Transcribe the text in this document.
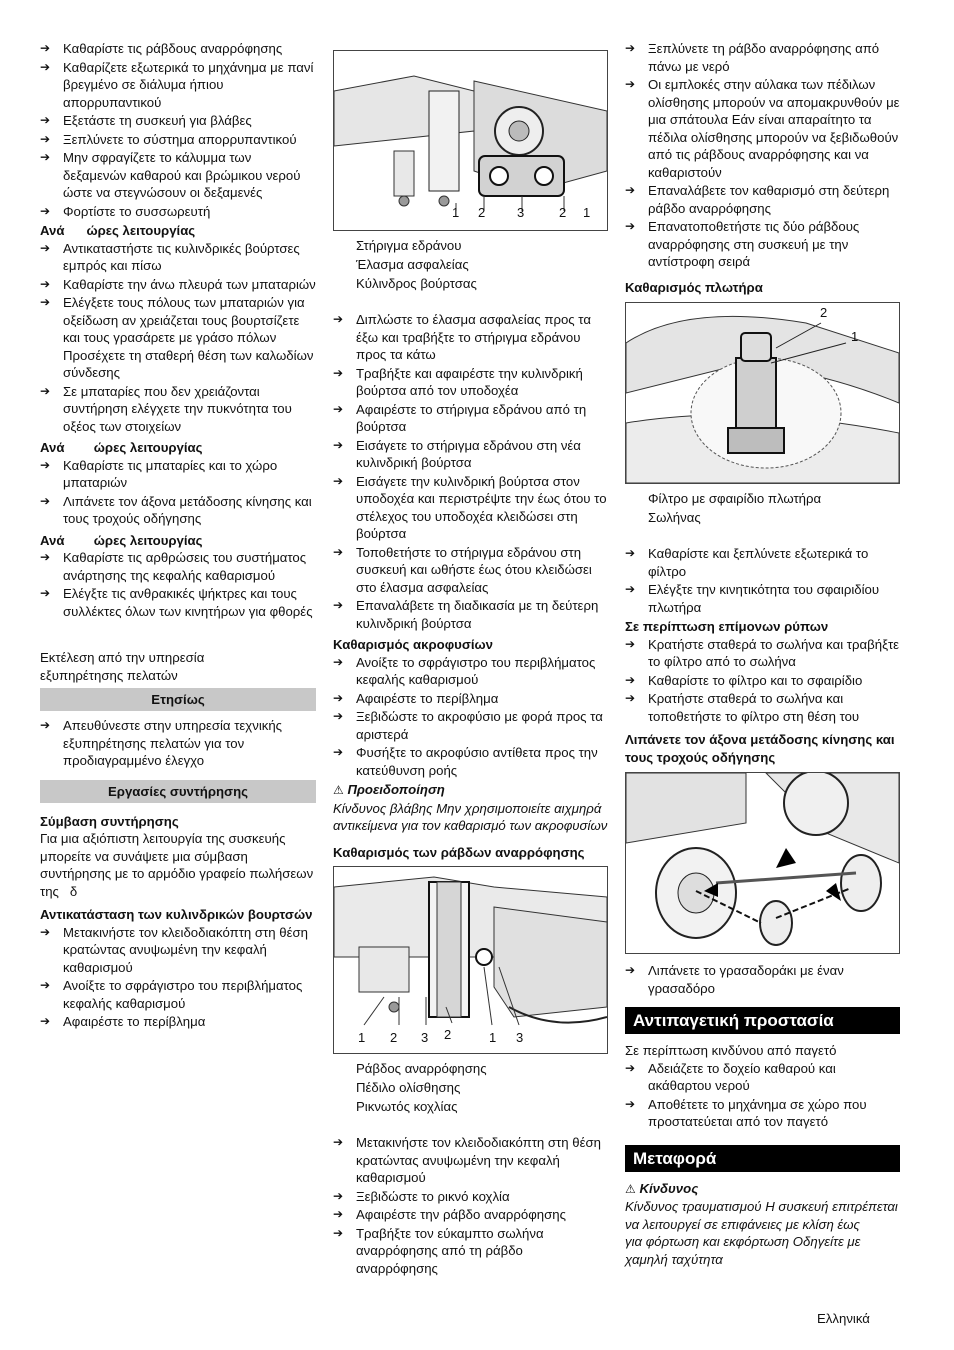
➔ Καθαρίστε τις ράβδους αναρρόφησης
➔ Καθαρίζετε εξωτερικά το μηχάνημα με πανί βρεγμένο σε διάλυμα ήπιου απορρυπαντικού
➔ Εξετάστε τη συσκευή για βλάβες
➔ Ξεπλύνετε το σύστημα απορρυπαντικού
➔ Μην σφραγίζετε το κάλυμμα των δεξαμενών καθαρού και βρώμικου νερού ώστε να στεγνώσουν οι δεξαμενές
➔ Φορτίστε το συσσωρευτή
Ανά      ώρες λειτουργίας
➔ Αντικαταστήστε τις κυλινδρικές βούρτσες εμπρός και πίσω
➔ Καθαρίστε την άνω πλευρά των μπαταριών
➔ Ελέγξετε τους πόλους των μπαταριών για οξείδωση αν χρειάζεται τους βουρτσίζετε και τους γρασάρετε με γράσο πόλων Προσέχετε τη σταθερή θέση των καλωδίων σύνδεσης
➔ Σε μπαταρίες που δεν χρειάζονται συντήρηση ελέγχετε την πυκνότητα του οξέος των στοιχείων
Ανά        ώρες λειτουργίας
➔ Καθαρίστε τις μπαταρίες και το χώρο μπαταριών
➔ Λιπάνετε τον άξονα μετάδοσης κίνησης και τους τροχούς οδήγησης
Ανά        ώρες λειτουργίας
➔ Καθαρίστε τις αρθρώσεις του συστήματος ανάρτησης της κεφαλής καθαρισμού
➔ Ελέγξτε τις ανθρακικές ψήκτρες και τους συλλέκτες όλων των κινητήρων για φθορές
Εκτέλεση από την υπηρεσία
εξυπηρέτησης πελατών
Ετησίως
➔ Απευθύνεστε στην υπηρεσία τεχνικής εξυπηρέτησης πελατών για τον προδιαγραμμένο έλεγχο
Εργασίες συντήρησης
Σύμβαση συντήρησης
Για μια αξιόπιστη λειτουργία της συσκευής μπορείτε να συνάψετε μια σύμβαση συντήρησης με το αρμόδιο γραφείο πωλήσεων της   δ
Αντικατάσταση των κυλινδρικών βουρτσών
➔ Μετακινήστε τον κλειδοδιακόπτη στη θέση     κρατώντας ανυψωμένη την κεφαλή καθαρισμού
➔ Ανοίξτε το σφράγιστρο του περιβλήματος κεφαλής καθαρισμού
➔ Αφαιρέστε το περίβλημα
1 2 3	2 1
Στήριγμα εδράνου
Έλασμα ασφαλείας
Κύλινδρος βούρτσας
➔ Διπλώστε το έλασμα ασφαλείας προς τα έξω και τραβήξτε το στήριγμα εδράνου προς τα κάτω
➔ Τραβήξτε και αφαιρέστε την κυλινδρική βούρτσα από τον υποδοχέα
➔ Αφαιρέστε το στήριγμα εδράνου από τη βούρτσα
➔ Εισάγετε το στήριγμα εδράνου στη νέα κυλινδρική βούρτσα
➔ Εισάγετε την κυλινδρική βούρτσα στον υποδοχέα και περιστρέψτε την έως ότου το στέλεχος του υποδοχέα κλειδώσει στη βούρτσα
➔ Τοποθετήστε το στήριγμα εδράνου στη συσκευή και ωθήστε έως ότου κλειδώσει στο έλασμα ασφαλείας
➔ Επαναλάβετε τη διαδικασία με τη δεύτερη κυλινδρική βούρτσα
Καθαρισμός ακροφυσίων
➔ Ανοίξτε το σφράγιστρο του περιβλήματος κεφαλής καθαρισμού
➔ Αφαιρέστε το περίβλημα
➔ Ξεβιδώστε το ακροφύσιο με φορά προς τα αριστερά
➔ Φυσήξτε το ακροφύσιο αντίθετα προς την κατεύθυνση ροής
⚠ Προειδοποίηση
Κίνδυνος βλάβης Μην χρησιμοποιείτε αιχμηρά αντικείμενα για τον καθαρισμό των ακροφυσίων
Καθαρισμός των ράβδων αναρρόφησης
1 2 3 2	1 3
Ράβδος αναρρόφησης
Πέδιλο ολίσθησης
Ρικνωτός κοχλίας
➔ Μετακινήστε τον κλειδοδιακόπτη στη θέση     κρατώντας ανυψωμένη την κεφαλή καθαρισμού
➔ Ξεβιδώστε το ρικνό κοχλία
➔ Αφαιρέστε την ράβδο αναρρόφησης
➔ Τραβήξτε τον εύκαμπτο σωλήνα αναρρόφησης από τη ράβδο αναρρόφησης
➔ Ξεπλύνετε τη ράβδο αναρρόφησης από πάνω με νερό
➔ Οι εμπλοκές στην αύλακα των πέδιλων ολίσθησης μπορούν να απομακρυνθούν με μια σπάτουλα Εάν είναι απαραίτητο τα πέδιλα ολίσθησης μπορούν να ξεβιδωθούν από τις ράβδους αναρρόφησης και να καθαριστούν
➔ Επαναλάβετε τον καθαρισμό στη δεύτερη ράβδο αναρρόφησης
➔ Επανατοποθετήστε τις δύο ράβδους αναρρόφησης στη συσκευή με την αντίστροφη σειρά
Καθαρισμός πλωτήρα
2
1
Φίλτρο με σφαιρίδιο πλωτήρα
Σωλήνας
➔ Καθαρίστε και ξεπλύνετε εξωτερικά το φίλτρο
➔ Ελέγξτε την κινητικότητα του σφαιριδίου πλωτήρα
Σε περίπτωση επίμονων ρύπων
➔ Κρατήστε σταθερά το σωλήνα και τραβήξτε το φίλτρο από το σωλήνα
➔ Καθαρίστε το φίλτρο και το σφαιρίδιο
➔ Κρατήστε σταθερά το σωλήνα και τοποθετήστε το φίλτρο στη θέση του
Λιπάνετε τον άξονα μετάδοσης κίνησης και τους τροχούς οδήγησης
➔ Λιπάνετε το γρασαδοράκι με έναν γρασαδόρο
Αντιπαγετική προστασία
Σε περίπτωση κινδύνου από παγετό
➔ Αδειάζετε το δοχείο καθαρού και ακάθαρτου νερού
➔ Αποθέτετε το μηχάνημα σε χώρο που προστατεύεται από τον παγετό
Μεταφορά
⚠ Κίνδυνος
Κίνδυνος τραυματισμού Η συσκευή επιτρέπεται να λειτουργεί σε επιφάνειες με κλίση έως       για φόρτωση και εκφόρτωση Οδηγείτε με χαμηλή ταχύτητα
Ελληνικά
